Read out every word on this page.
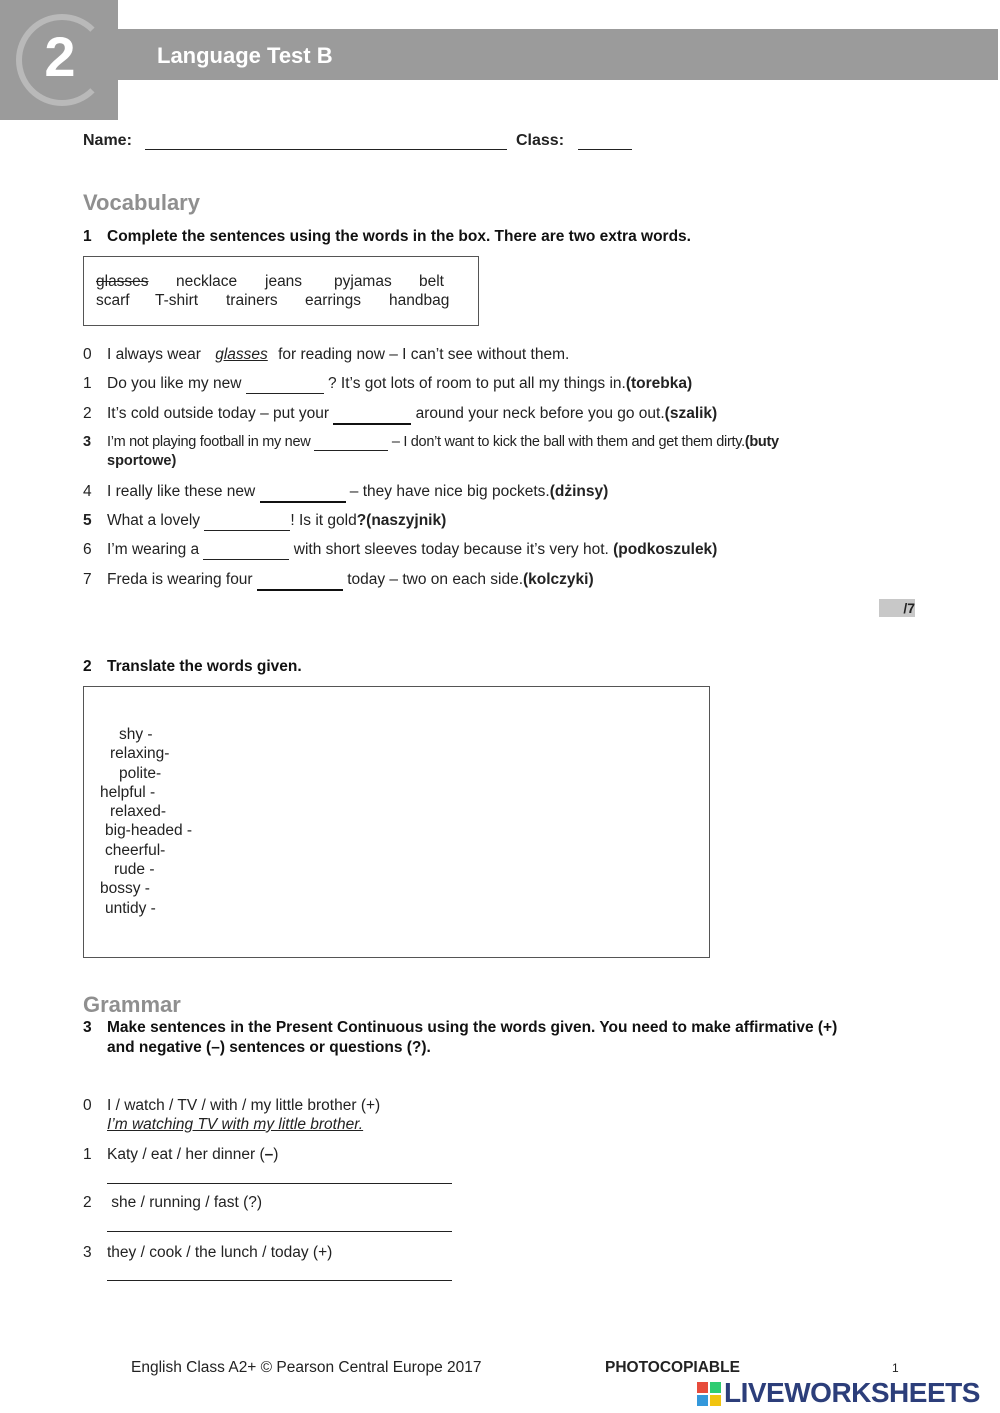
2	Language Test B
Name:	Class:
Vocabulary
1 Complete the sentences using the words in the box. There are two extra words.
glasses necklace jeans pyjamas belt
scarf T-shirt trainers earrings handbag
0 I always wear glasses for reading now – I can’t see without them.
1 Do you like my new	? It’s got lots of room to put all my things in.(torebka)
2 It’s cold outside today – put your	around your neck before you go out.(szalik)
3 I’m not playing football in my new	– I don’t want to kick the ball with them and get them dirty.(buty
sportowe)
4 I really like these new	– they have nice big pockets.(dżinsy)
5 What a lovely	! Is it gold?(naszyjnik)
6 I’m wearing a	with short sleeves today because it’s very hot. (podkoszulek)
7 Freda is wearing four	today – two on each side.(kolczyki)
/7
2 Translate the words given.
shy -
relaxing-
polite-
helpful -
relaxed-
big-headed -
cheerful-
rude -
bossy -
untidy -
Grammar
3 Make sentences in the Present Continuous using the words given. You need to make affirmative (+)
and negative (–) sentences or questions (?).
0 I / watch / TV / with / my little brother (+)
I’m watching TV with my little brother.
1 Katy / eat / her dinner (–)
2 she / running / fast (?)
3 they / cook / the lunch / today (+)
English Class A2+ © Pearson Central Europe 2017	PHOTOCOPIABLE	1
LIVEWORKSHEETS
